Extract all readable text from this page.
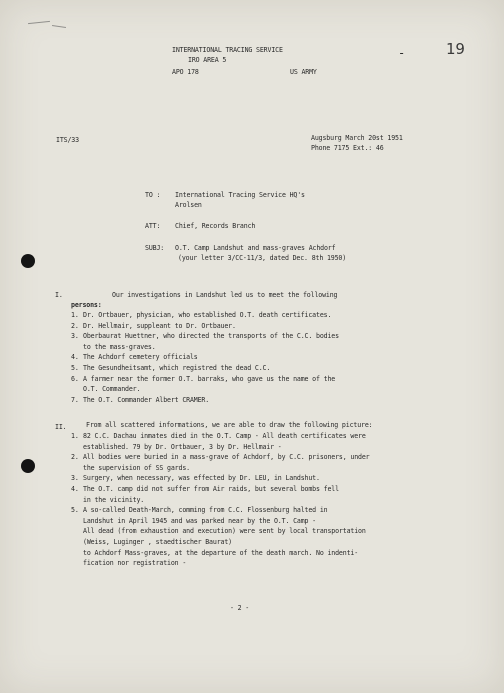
INTERNATIONAL TRACING SERVICE
IRO AREA 5
APO 178	US ARMY
-	19
ITS/33	Augsburg March 20st 1951
Phone 7175 Ext.: 46
TO : International Tracing Service HQ's
Arolsen
ATT: Chief, Records Branch
SUBJ: O.T. Camp Landshut and mass-graves Achdorf
(your letter 3/CC-11/3, dated Dec. 8th 1950)
I.	Our investigations in Landshut led us to meet the following
persons:
1. Dr. Ortbauer, physician, who established O.T. death certificates.
2. Dr. Hellmair, suppleant to Dr. Ortbauer.
3. Oberbaurat Huettner, who directed the transports of the C.C. bodies
to the mass-graves.
4. The Achdorf cemetery officials
5. The Gesundheitsamt, which registred the dead C.C.
6. A farmer near the former O.T. barraks, who gave us the name of the
O.T. Commander.
7. The O.T. Commander Albert CRAMER.
II.	From all scattered informations, we are able to draw the following picture:
1. 82 C.C. Dachau inmates died in the O.T. Camp - All death certificates were
established. 79 by Dr. Ortbauer, 3 by Dr. Hellmair -
2. All bodies were buried in a mass-grave of Achdorf, by C.C. prisoners, under
the supervision of SS gards.
3. Surgery, when necessary, was effected by Dr. LEU, in Landshut.
4. The O.T. camp did not suffer from Air raids, but several bombs fell
in the vicinity.
5. A so-called Death-March, comming from C.C. Flossenburg halted in
Landshut in April 1945 and was parked near by the O.T. Camp -
All dead (from exhaustion and execution) were sent by local transportation
(Weiss, Luginger , staedtischer Baurat)
to Achdorf Mass-graves, at the departure of the death march. No indenti-
fication nor registration -
- 2 -
